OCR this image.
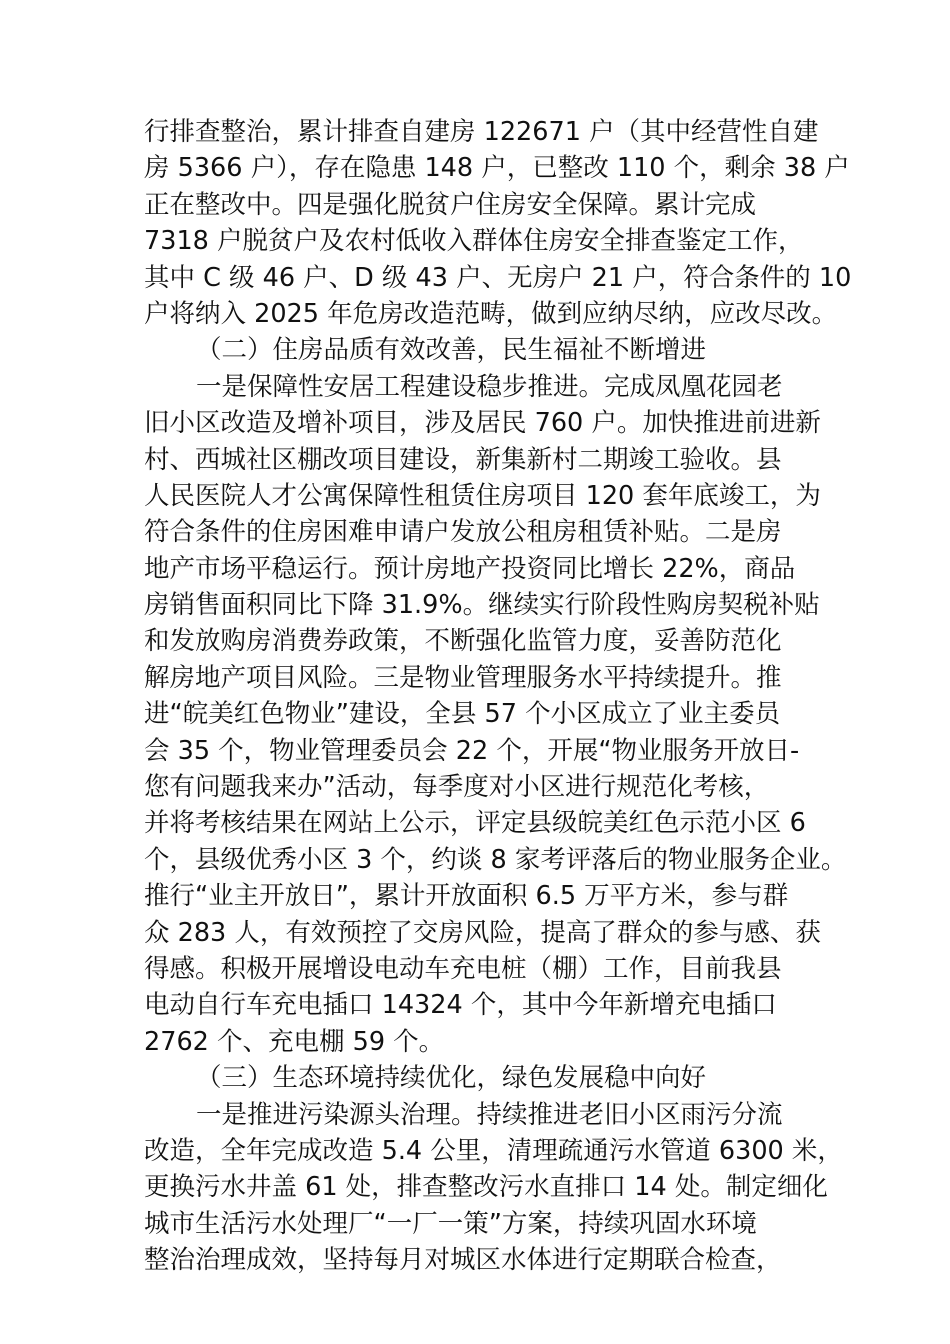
行排查整治，累计排查自建房 122671 户（其中经营性自建
房 5366 户），存在隐患 148 户，已整改 110 个，剩余 38 户
正在整改中。四是强化脱贫户住房安全保障。累计完成
7318 户脱贫户及农村低收入群体住房安全排查鉴定工作，
其中 C 级 46 户、D 级 43 户、无房户 21 户，符合条件的 10
户将纳入 2025 年危房改造范畴，做到应纳尽纳，应改尽改。
（二）住房品质有效改善，民生福祉不断增进
一是保障性安居工程建设稳步推进。完成凤凰花园老
旧小区改造及增补项目，涉及居民 760 户。加快推进前进新
村、西城社区棚改项目建设，新集新村二期竣工验收。县
人民医院人才公寓保障性租赁住房项目 120 套年底竣工，为
符合条件的住房困难申请户发放公租房租赁补贴。二是房
地产市场平稳运行。预计房地产投资同比增长 22%，商品
房销售面积同比下降 31.9%。继续实行阶段性购房契税补贴
和发放购房消费券政策，不断强化监管力度，妥善防范化
解房地产项目风险。三是物业管理服务水平持续提升。推
进“皖美红色物业”建设，全县 57 个小区成立了业主委员
会 35 个，物业管理委员会 22 个，开展“物业服务开放日-
您有问题我来办”活动，每季度对小区进行规范化考核，
并将考核结果在网站上公示，评定县级皖美红色示范小区 6
个，县级优秀小区 3 个，约谈 8 家考评落后的物业服务企业。
推行“业主开放日”，累计开放面积 6.5 万平方米，参与群
众 283 人，有效预控了交房风险，提高了群众的参与感、获
得感。积极开展增设电动车充电桩（棚）工作，目前我县
电动自行车充电插口 14324 个，其中今年新增充电插口
2762 个、充电棚 59 个。
（三）生态环境持续优化，绿色发展稳中向好
一是推进污染源头治理。持续推进老旧小区雨污分流
改造，全年完成改造 5.4 公里，清理疏通污水管道 6300 米，
更换污水井盖 61 处，排查整改污水直排口 14 处。制定细化
城市生活污水处理厂“一厂一策”方案，持续巩固水环境
整治治理成效，坚持每月对城区水体进行定期联合检查，
